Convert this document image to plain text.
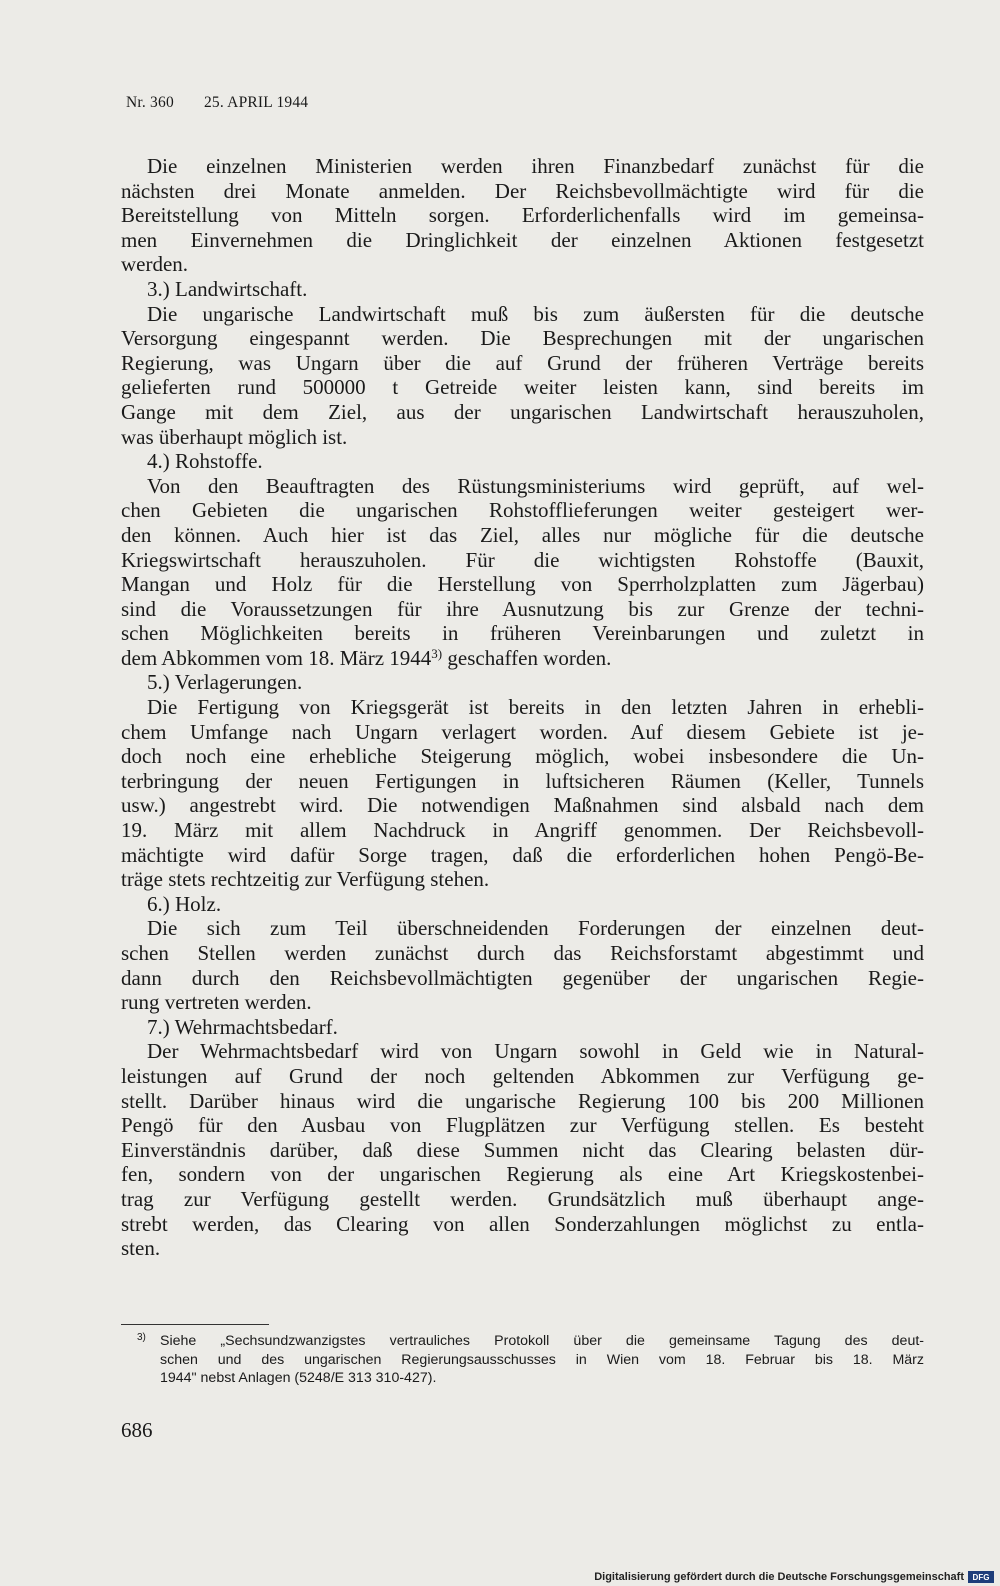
Nr. 360 25. APRIL 1944
Die einzelnen Ministerien werden ihren Finanzbedarf zunächst für die
nächsten drei Monate anmelden. Der Reichsbevollmächtigte wird für die
Bereitstellung von Mitteln sorgen. Erforderlichenfalls wird im gemeinsa-
men Einvernehmen die Dringlichkeit der einzelnen Aktionen festgesetzt
werden.
3.) Landwirtschaft.
Die ungarische Landwirtschaft muß bis zum äußersten für die deutsche
Versorgung eingespannt werden. Die Besprechungen mit der ungarischen
Regierung, was Ungarn über die auf Grund der früheren Verträge bereits
gelieferten rund 500000 t Getreide weiter leisten kann, sind bereits im
Gange mit dem Ziel, aus der ungarischen Landwirtschaft herauszuholen,
was überhaupt möglich ist.
4.) Rohstoffe.
Von den Beauftragten des Rüstungsministeriums wird geprüft, auf wel-
chen Gebieten die ungarischen Rohstofflieferungen weiter gesteigert wer-
den können. Auch hier ist das Ziel, alles nur mögliche für die deutsche
Kriegswirtschaft herauszuholen. Für die wichtigsten Rohstoffe (Bauxit,
Mangan und Holz für die Herstellung von Sperrholzplatten zum Jägerbau)
sind die Voraussetzungen für ihre Ausnutzung bis zur Grenze der techni-
schen Möglichkeiten bereits in früheren Vereinbarungen und zuletzt in
dem Abkommen vom 18. März 1944$^{3)}$ geschaffen worden.
5.) Verlagerungen.
Die Fertigung von Kriegsgerät ist bereits in den letzten Jahren in erhebli-
chem Umfange nach Ungarn verlagert worden. Auf diesem Gebiete ist je-
doch noch eine erhebliche Steigerung möglich, wobei insbesondere die Un-
terbringung der neuen Fertigungen in luftsicheren Räumen (Keller, Tunnels
usw.) angestrebt wird. Die notwendigen Maßnahmen sind alsbald nach dem
19. März mit allem Nachdruck in Angriff genommen. Der Reichsbevoll-
mächtigte wird dafür Sorge tragen, daß die erforderlichen hohen Pengö-Be-
träge stets rechtzeitig zur Verfügung stehen.
6.) Holz.
Die sich zum Teil überschneidenden Forderungen der einzelnen deut-
schen Stellen werden zunächst durch das Reichsforstamt abgestimmt und
dann durch den Reichsbevollmächtigten gegenüber der ungarischen Regie-
rung vertreten werden.
7.) Wehrmachtsbedarf.
Der Wehrmachtsbedarf wird von Ungarn sowohl in Geld wie in Natural-
leistungen auf Grund der noch geltenden Abkommen zur Verfügung ge-
stellt. Darüber hinaus wird die ungarische Regierung 100 bis 200 Millionen
Pengö für den Ausbau von Flugplätzen zur Verfügung stellen. Es besteht
Einverständnis darüber, daß diese Summen nicht das Clearing belasten dür-
fen, sondern von der ungarischen Regierung als eine Art Kriegskostenbei-
trag zur Verfügung gestellt werden. Grundsätzlich muß überhaupt ange-
strebt werden, das Clearing von allen Sonderzahlungen möglichst zu entla-
sten.
3) Siehe „Sechsundzwanzigstes vertrauliches Protokoll über die gemeinsame Tagung des deut-
schen und des ungarischen Regierungsausschusses in Wien vom 18. Februar bis 18. März
1944" nebst Anlagen (5248/E 313 310-427).
686
Digitalisierung gefördert durch die Deutsche Forschungsgemeinschaft	DFG
